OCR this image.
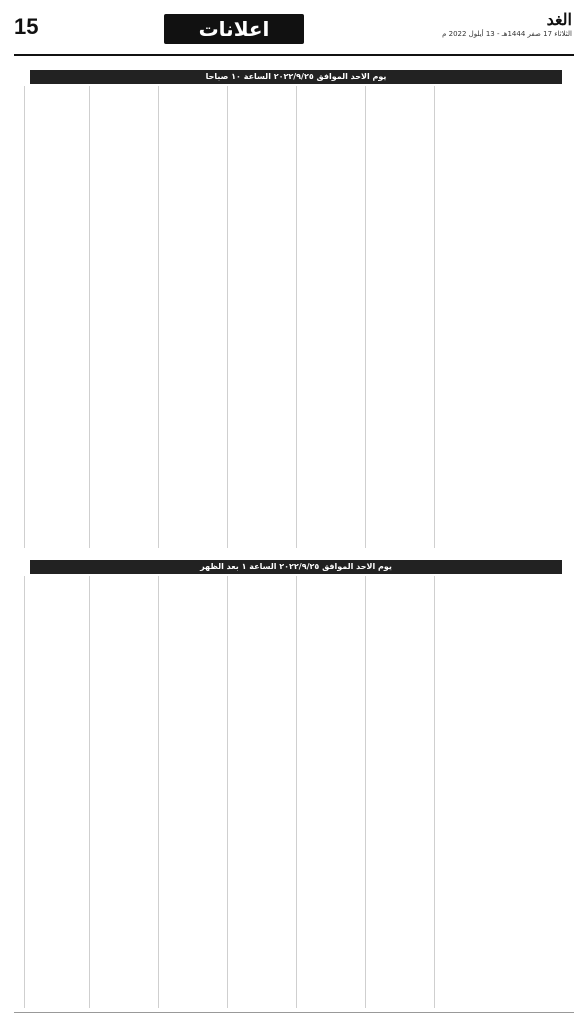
15	اعلانات	الغد
الثلاثاء 17 صفر 1444هـ - 13 أيلول 2022 م
يوم الاحد الموافق ٢٠٢٢/٩/٢٥ الساعة ١٠ صباحا
يوم الاحد الموافق ٢٠٢٢/٩/٢٥ الساعة ١ بعد الظهر
